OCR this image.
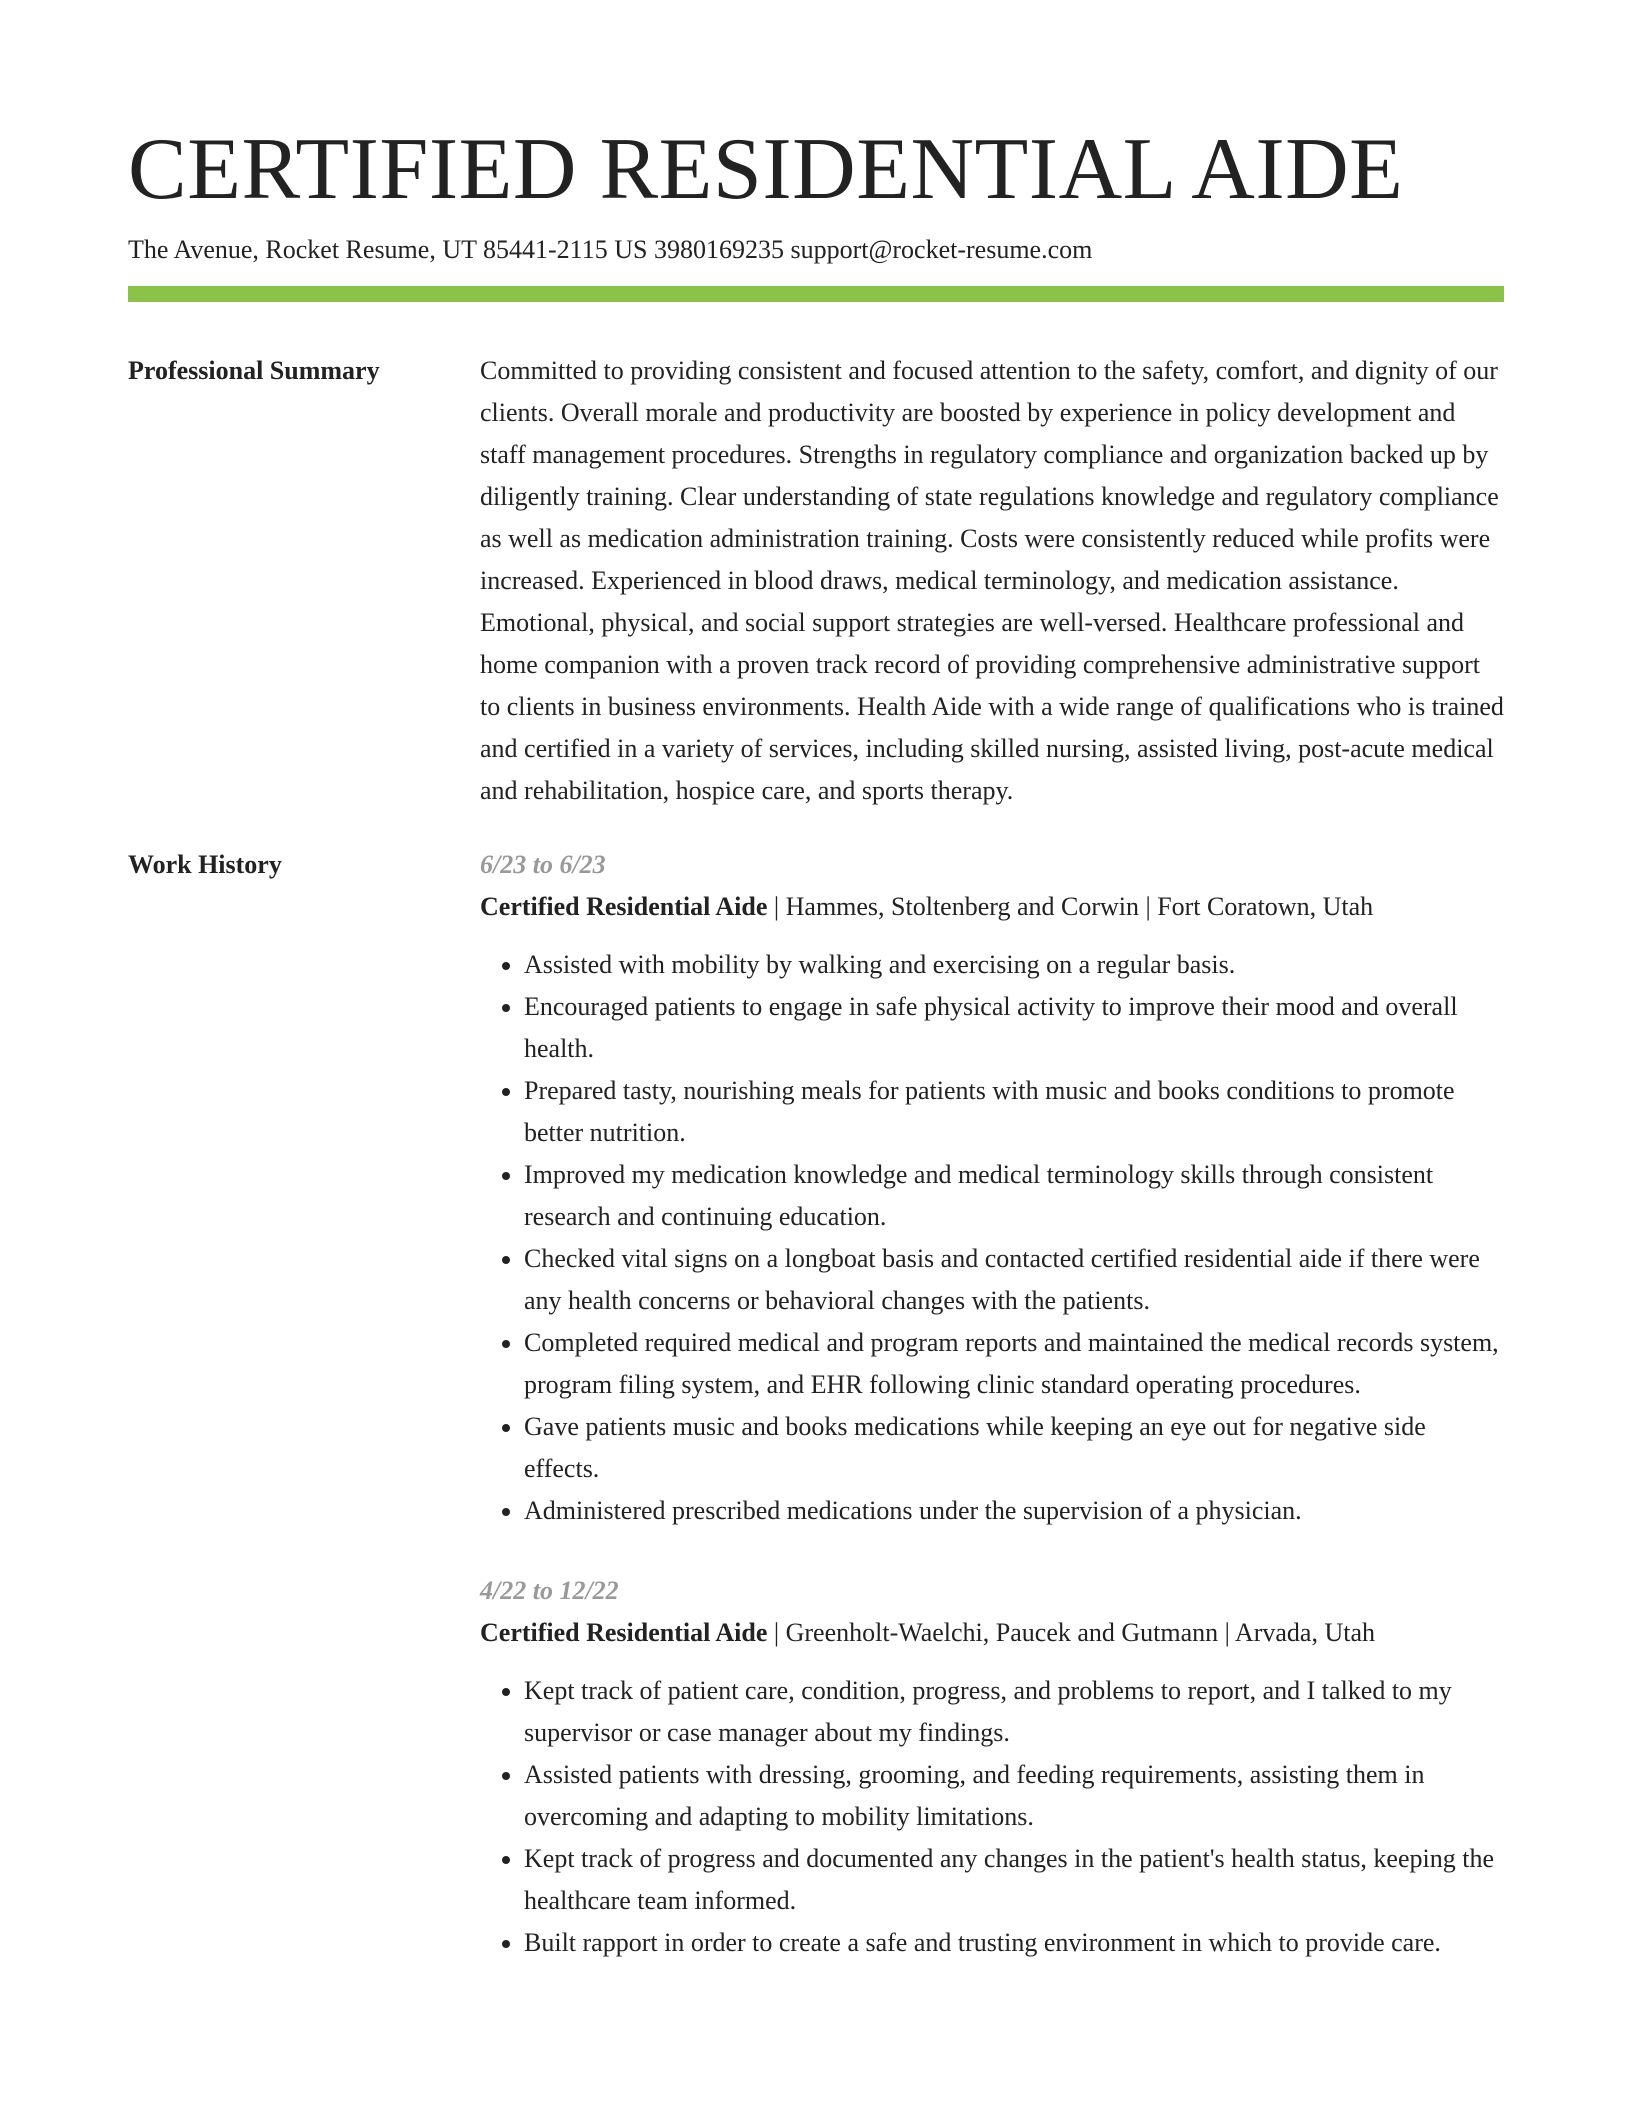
CERTIFIED RESIDENTIAL AIDE
The Avenue, Rocket Resume, UT 85441-2115 US 3980169235 support@rocket-resume.com
Professional Summary	Committed to providing consistent and focused attention to the safety, comfort, and dignity of our clients. Overall morale and productivity are boosted by experience in policy development and staff management procedures. Strengths in regulatory compliance and organization backed up by diligently training. Clear understanding of state regulations knowledge and regulatory compliance as well as medication administration training. Costs were consistently reduced while profits were increased. Experienced in blood draws, medical terminology, and medication assistance. Emotional, physical, and social support strategies are well-versed. Healthcare professional and home companion with a proven track record of providing comprehensive administrative support to clients in business environments. Health Aide with a wide range of qualifications who is trained and certified in a variety of services, including skilled nursing, assisted living, post-acute medical and rehabilitation, hospice care, and sports therapy.

Work History	6/23 to 6/23
Certified Residential Aide | Hammes, Stoltenberg and Corwin | Fort Coratown, Utah
• Assisted with mobility by walking and exercising on a regular basis.
• Encouraged patients to engage in safe physical activity to improve their mood and overall health.
• Prepared tasty, nourishing meals for patients with music and books conditions to promote better nutrition.
• Improved my medication knowledge and medical terminology skills through consistent research and continuing education.
• Checked vital signs on a longboat basis and contacted certified residential aide if there were any health concerns or behavioral changes with the patients.
• Completed required medical and program reports and maintained the medical records system, program filing system, and EHR following clinic standard operating procedures.
• Gave patients music and books medications while keeping an eye out for negative side effects.
• Administered prescribed medications under the supervision of a physician.
4/22 to 12/22
Certified Residential Aide | Greenholt-Waelchi, Paucek and Gutmann | Arvada, Utah
• Kept track of patient care, condition, progress, and problems to report, and I talked to my supervisor or case manager about my findings.
• Assisted patients with dressing, grooming, and feeding requirements, assisting them in overcoming and adapting to mobility limitations.
• Kept track of progress and documented any changes in the patient's health status, keeping the healthcare team informed.
• Built rapport in order to create a safe and trusting environment in which to provide care.
